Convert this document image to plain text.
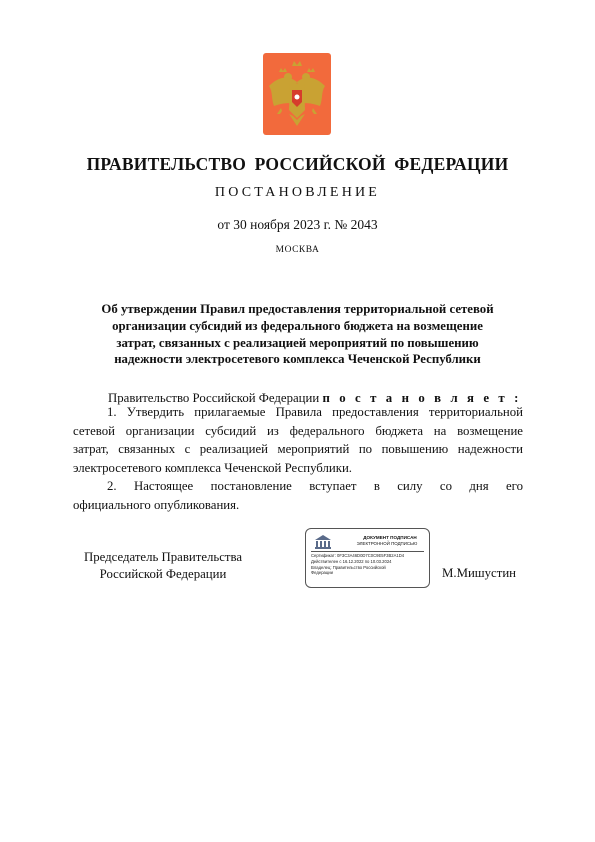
ПРАВИТЕЛЬСТВО РОССИЙСКОЙ ФЕДЕРАЦИИ
ПОСТАНОВЛЕНИЕ
от 30 ноября 2023 г. № 2043
МОСКВА
Об утверждении Правил предоставления территориальной сетевой
организации субсидий из федерального бюджета на возмещение
затрат, связанных с реализацией мероприятий по повышению
надежности электросетевого комплекса Чеченской Республики
Правительство Российской Федерации п о с т а н о в л я е т :
1. Утвердить прилагаемые Правила предоставления территориальной
сетевой организации субсидий из федерального бюджета на возмещение
затрат, связанных с реализацией мероприятий по повышению надежности
электросетевого комплекса Чеченской Республики.
2. Настоящее постановление вступает в силу со дня его
официального опубликования.
Председатель Правительства
Российской Федерации
ДОКУМЕНТ ПОДПИСАН
ЭЛЕКТРОННОЙ ПОДПИСЬЮ
Сертификат: 0F3C3A46D0D7C0C9E5F3B2A1D4
Действителен с 16.12.2022 по 10.03.2024
Владелец: Правительство Российской
Федерации	М.Мишустин
